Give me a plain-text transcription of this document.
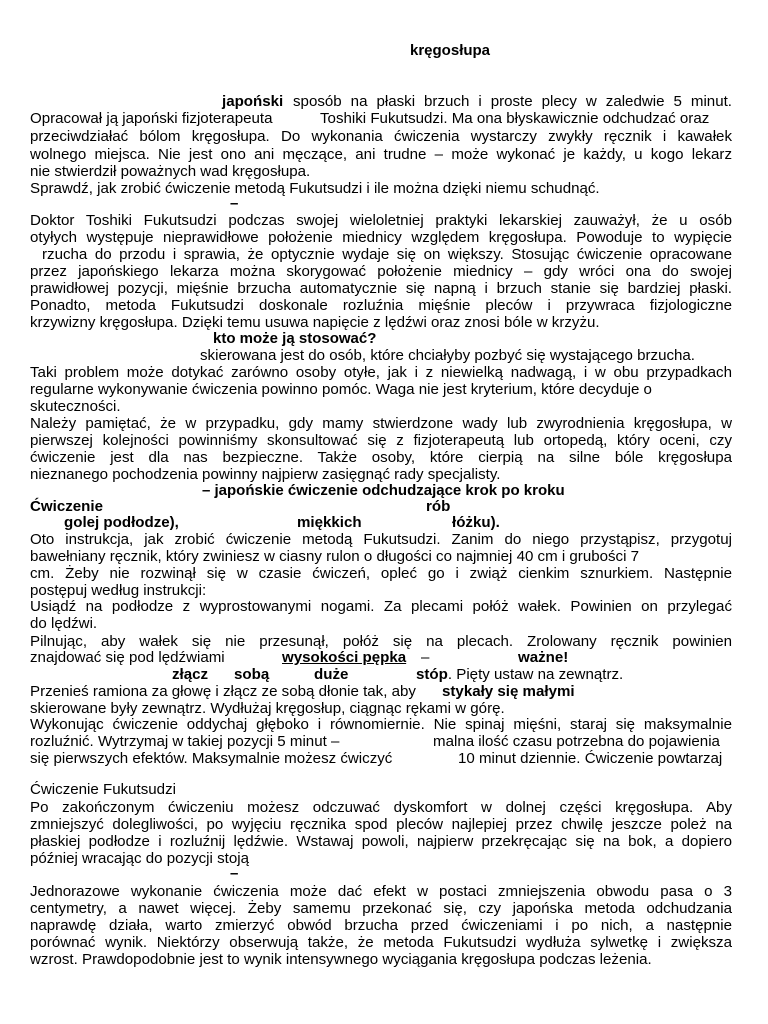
kręgosłupa
japoński sposób na płaski brzuch i proste plecy w zaledwie 5 minut.
Opracował ją japoński fizjoterapeuta	Toshiki Fukutsudzi. Ma ona błyskawicznie odchudzać oraz
przeciwdziałać bólom kręgosłupa. Do wykonania ćwiczenia wystarczy zwykły ręcznik i kawałek
wolnego miejsca. Nie jest ono ani męczące, ani trudne – może wykonać je każdy, u kogo lekarz
nie stwierdził poważnych wad kręgosłupa.
Sprawdź, jak zrobić ćwiczenie metodą Fukutsudzi i ile można dzięki niemu schudnąć.
–
Doktor Toshiki Fukutsudzi podczas swojej wieloletniej praktyki lekarskiej zauważył, że u osób
otyłych występuje nieprawidłowe położenie miednicy względem kręgosłupa. Powoduje to wypięcie
rzucha do przodu i sprawia, że optycznie wydaje się on większy. Stosując ćwiczenie opracowane
przez japońskiego lekarza można skorygować położenie miednicy – gdy wróci ona do swojej
prawidłowej pozycji, mięśnie brzucha automatycznie się napną i brzuch stanie się bardziej płaski.
Ponadto, metoda Fukutsudzi doskonale rozluźnia mięśnie pleców i przywraca fizjologiczne
krzywizny kręgosłupa. Dzięki temu usuwa napięcie z lędźwi oraz znosi bóle w krzyżu.
kto może ją stosować?
skierowana jest do osób, które chciałyby pozbyć się wystającego brzucha.
Taki problem może dotykać zarówno osoby otyłe, jak i z niewielką nadwagą, i w obu przypadkach
regularne wykonywanie ćwiczenia powinno pomóc. Waga nie jest kryterium, które decyduje o
skuteczności.
Należy pamiętać, że w przypadku, gdy mamy stwierdzone wady lub zwyrodnienia kręgosłupa, w
pierwszej kolejności powinniśmy skonsultować się z fizjoterapeutą lub ortopedą, który oceni, czy
ćwiczenie jest dla nas bezpieczne. Także osoby, które cierpią na silne bóle kręgosłupa
nieznanego pochodzenia powinny najpierw zasięgnąć rady specjalisty.
– japońskie ćwiczenie odchudzające krok po kroku
Ćwiczenie	rób
golej podłodze),	miękkich	łóżku).
Oto instrukcja, jak zrobić ćwiczenie metodą Fukutsudzi. Zanim do niego przystąpisz, przygotuj
bawełniany ręcznik, który zwiniesz w ciasny rulon o długości co najmniej 40 cm i grubości 7
cm. Żeby nie rozwinął się w czasie ćwiczeń, opleć go i zwiąż cienkim sznurkiem. Następnie
postępuj według instrukcji:
Usiądź na podłodze z wyprostowanymi nogami. Za plecami połóż wałek. Powinien on przylegać
do lędźwi.
Pilnując, aby wałek się nie przesunął, połóż się na plecach. Zrolowany ręcznik powinien
znajdować się pod lędźwiami	wysokości pępka –	ważne!
złącz sobą	duże	stóp. Pięty ustaw na zewnątrz.
Przenieś ramiona za głowę i złącz ze sobą dłonie tak, aby stykały się małymi
skierowane były zewnątrz. Wydłużaj kręgosłup, ciągnąc rękami w górę.
Wykonując ćwiczenie oddychaj głęboko i równomiernie. Nie spinaj mięśni, staraj się maksymalnie
rozluźnić. Wytrzymaj w takiej pozycji 5 minut –	malna ilość czasu potrzebna do pojawienia
się pierwszych efektów. Maksymalnie możesz ćwiczyć	10 minut dziennie. Ćwiczenie powtarzaj
Ćwiczenie Fukutsudzi
Po zakończonym ćwiczeniu możesz odczuwać dyskomfort w dolnej części kręgosłupa. Aby
zmniejszyć dolegliwości, po wyjęciu ręcznika spod pleców najlepiej przez chwilę jeszcze poleż na
płaskiej podłodze i rozluźnij lędźwie. Wstawaj powoli, najpierw przekręcając się na bok, a dopiero
później wracając do pozycji stoją
–
Jednorazowe wykonanie ćwiczenia może dać efekt w postaci zmniejszenia obwodu pasa o 3
centymetry, a nawet więcej. Żeby samemu przekonać się, czy japońska metoda odchudzania
naprawdę działa, warto zmierzyć obwód brzucha przed ćwiczeniami i po nich, a następnie
porównać wynik. Niektórzy obserwują także, że metoda Fukutsudzi wydłuża sylwetkę i zwiększa
wzrost. Prawdopodobnie jest to wynik intensywnego wyciągania kręgosłupa podczas leżenia.
